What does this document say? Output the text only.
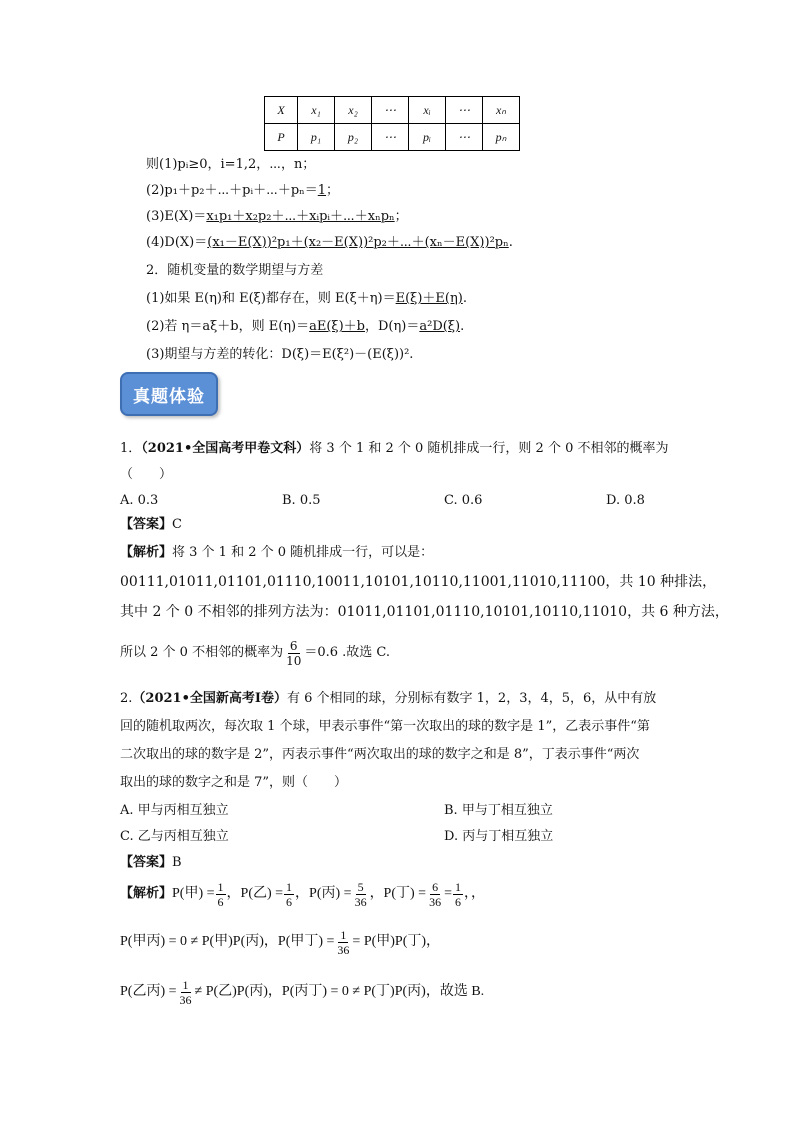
X	x₁	x₂	⋯	xᵢ	⋯	xₙ
P	p₁	p₂	⋯	pᵢ	⋯	pₙ
则(1)pᵢ≥0，i=1,2，⋯，n；
(2)p₁＋p₂＋⋯＋pᵢ＋⋯＋pₙ＝1；
(3)E(X)＝x₁p₁＋x₂p₂＋⋯＋xᵢpᵢ＋⋯＋xₙpₙ；
(4)D(X)＝(x₁－E(X))²p₁＋(x₂－E(X))²p₂＋⋯＋(xₙ－E(X))²pₙ.
2．随机变量的数学期望与方差
(1)如果 E(η)和 E(ξ)都存在，则 E(ξ＋η)＝E(ξ)＋E(η).
(2)若 η＝aξ＋b，则 E(η)＝aE(ξ)＋b，D(η)＝a²D(ξ).
(3)期望与方差的转化：D(ξ)＝E(ξ²)－(E(ξ))².
真题体验
1．（2021•全国高考甲卷文科）将 3 个 1 和 2 个 0 随机排成一行，则 2 个 0 不相邻的概率为
（　　）
A. 0.3	B. 0.5	C. 0.6	D. 0.8
【答案】C
【解析】将 3 个 1 和 2 个 0 随机排成一行，可以是：
00111,01011,01101,01110,10011,10101,10110,11001,11010,11100，共 10 种排法，
其中 2 个 0 不相邻的排列方法为：01011,01101,01110,10101,10110,11010，共 6 种方法，
所以 2 个 0 不相邻的概率为 $\frac{6}{10} =0.6$ .故选 C.
2.（2021•全国新高考Ⅰ卷）有 6 个相同的球，分别标有数字 1，2，3，4，5，6，从中有放
回的随机取两次，每次取 1 个球，甲表示事件“第一次取出的球的数字是 1”，乙表示事件“第
二次取出的球的数字是 2”，丙表示事件“两次取出的球的数字之和是 8”，丁表示事件“两次
取出的球的数字之和是 7”，则（　　）
A. 甲与丙相互独立	B. 甲与丁相互独立
C. 乙与丙相互独立	D. 丙与丁相互独立
【答案】B
【解析】 P(甲) = $\frac{1}{6}$ ，P(乙) = $\frac{1}{6}$ ，P(丙) = $\frac{5}{36}$ ，P(丁) = $\frac{6}{36} = \frac{1}{6}$ ，，
P(甲丙) = 0 ≠ P(甲)P(丙)，P(甲丁) = $\frac{1}{36} = P$(甲)P(丁)，
P(乙丙) = $\frac{1}{36} \ne P$(乙)P(丙)，P(丙丁) = 0 ≠ P(丁)P(丙)，故选 B.
